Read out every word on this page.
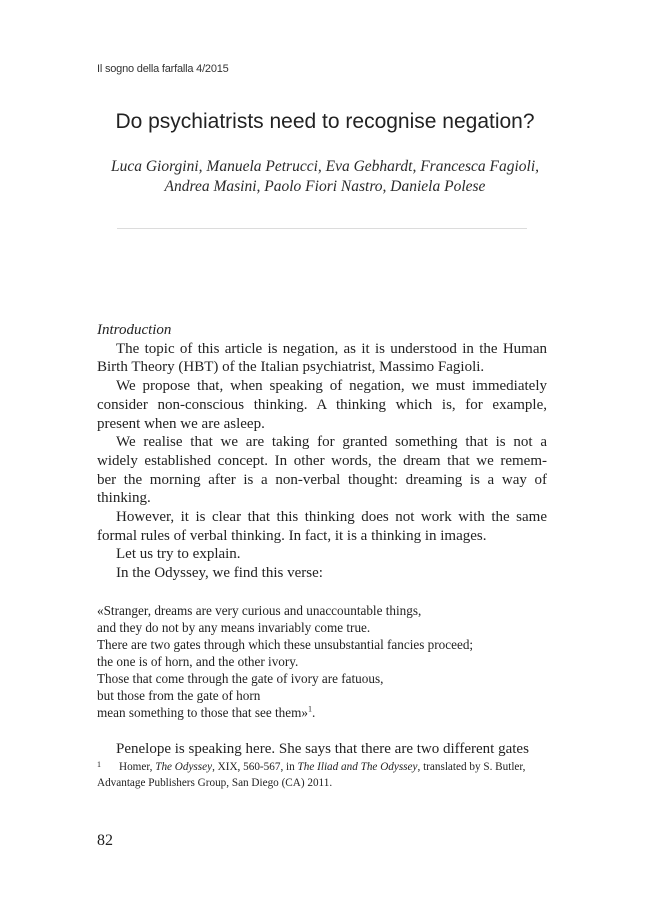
Il sogno della farfalla 4/2015
Do psychiatrists need to recognise negation?
Luca Giorgini, Manuela Petrucci, Eva Gebhardt, Francesca Fagioli,
Andrea Masini, Paolo Fiori Nastro, Daniela Polese
Introduction
The topic of this article is negation, as it is understood in the Human
Birth Theory (HBT) of the Italian psychiatrist, Massimo Fagioli.
We propose that, when speaking of negation, we must immediately
consider non-conscious thinking. A thinking which is, for example,
present when we are asleep.
We realise that we are taking for granted something that is not a
widely established concept. In other words, the dream that we remem-
ber the morning after is a non-verbal thought: dreaming is a way of
thinking.
However, it is clear that this thinking does not work with the same
formal rules of verbal thinking. In fact, it is a thinking in images.
Let us try to explain.
In the Odyssey, we find this verse:
«Stranger, dreams are very curious and unaccountable things,
and they do not by any means invariably come true.
There are two gates through which these unsubstantial fancies proceed;
the one is of horn, and the other ivory.
Those that come through the gate of ivory are fatuous,
but those from the gate of horn
mean something to those that see them»$^1$.
Penelope is speaking here. She says that there are two different gates
1 Homer, The Odyssey, XIX, 560-567, in The Iliad and The Odyssey, translated by S. Butler,
Advantage Publishers Group, San Diego (CA) 2011.
82
